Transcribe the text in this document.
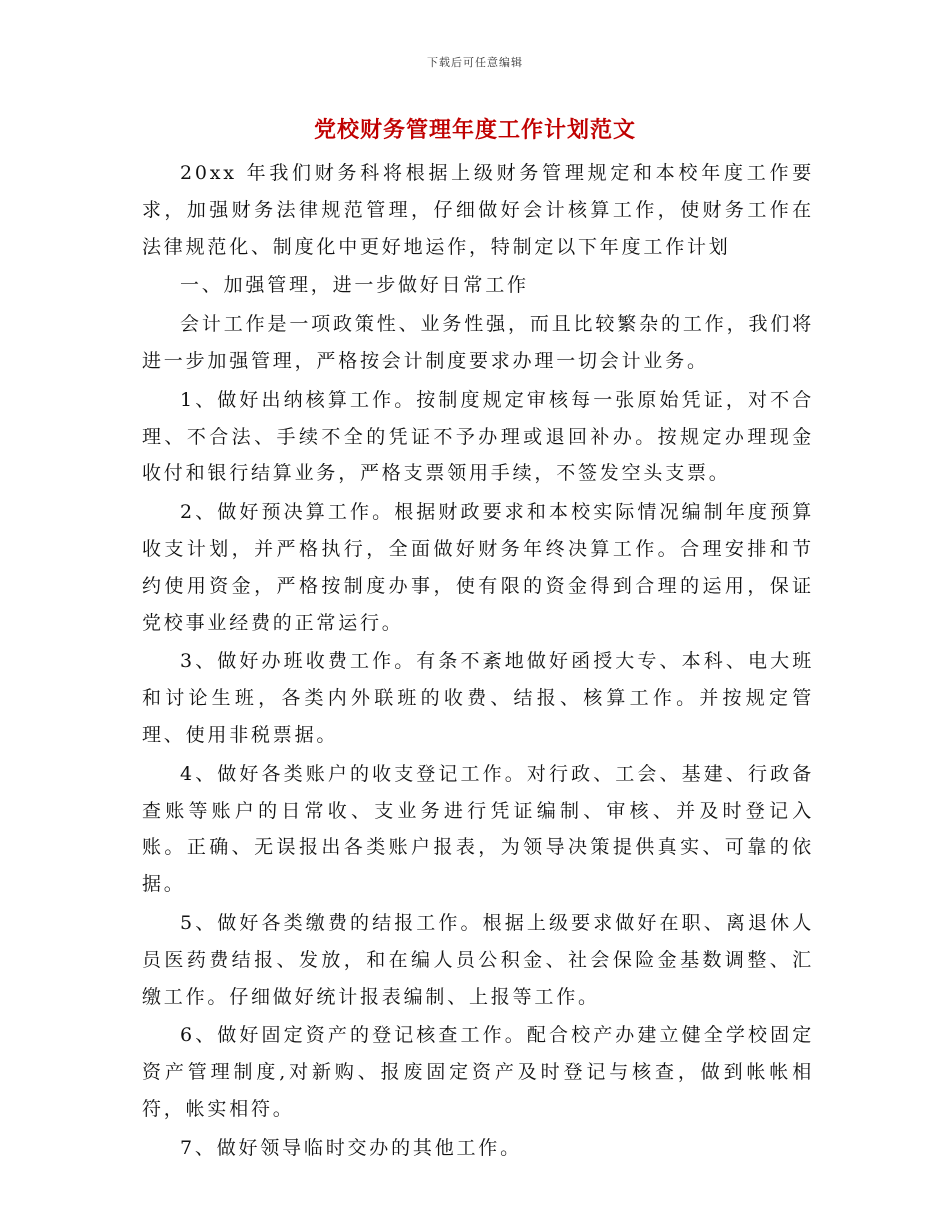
下载后可任意编辑
党校财务管理年度工作计划范文

20xx 年我们财务科将根据上级财务管理规定和本校年度工作要求，加强财务法律规范管理，仔细做好会计核算工作，使财务工作在法律规范化、制度化中更好地运作，特制定以下年度工作计划

一、加强管理，进一步做好日常工作

会计工作是一项政策性、业务性强，而且比较繁杂的工作，我们将进一步加强管理，严格按会计制度要求办理一切会计业务。

1、做好出纳核算工作。按制度规定审核每一张原始凭证，对不合理、不合法、手续不全的凭证不予办理或退回补办。按规定办理现金收付和银行结算业务，严格支票领用手续，不签发空头支票。

2、做好预决算工作。根据财政要求和本校实际情况编制年度预算收支计划，并严格执行，全面做好财务年终决算工作。合理安排和节约使用资金，严格按制度办事，使有限的资金得到合理的运用，保证党校事业经费的正常运行。

3、做好办班收费工作。有条不紊地做好函授大专、本科、电大班和讨论生班，各类内外联班的收费、结报、核算工作。并按规定管理、使用非税票据。

4、做好各类账户的收支登记工作。对行政、工会、基建、行政备查账等账户的日常收、支业务进行凭证编制、审核、并及时登记入账。正确、无误报出各类账户报表，为领导决策提供真实、可靠的依据。

5、做好各类缴费的结报工作。根据上级要求做好在职、离退休人员医药费结报、发放，和在编人员公积金、社会保险金基数调整、汇缴工作。仔细做好统计报表编制、上报等工作。

6、做好固定资产的登记核查工作。配合校产办建立健全学校固定资产管理制度,对新购、报废固定资产及时登记与核查，做到帐帐相符，帐实相符。

7、做好领导临时交办的其他工作。
